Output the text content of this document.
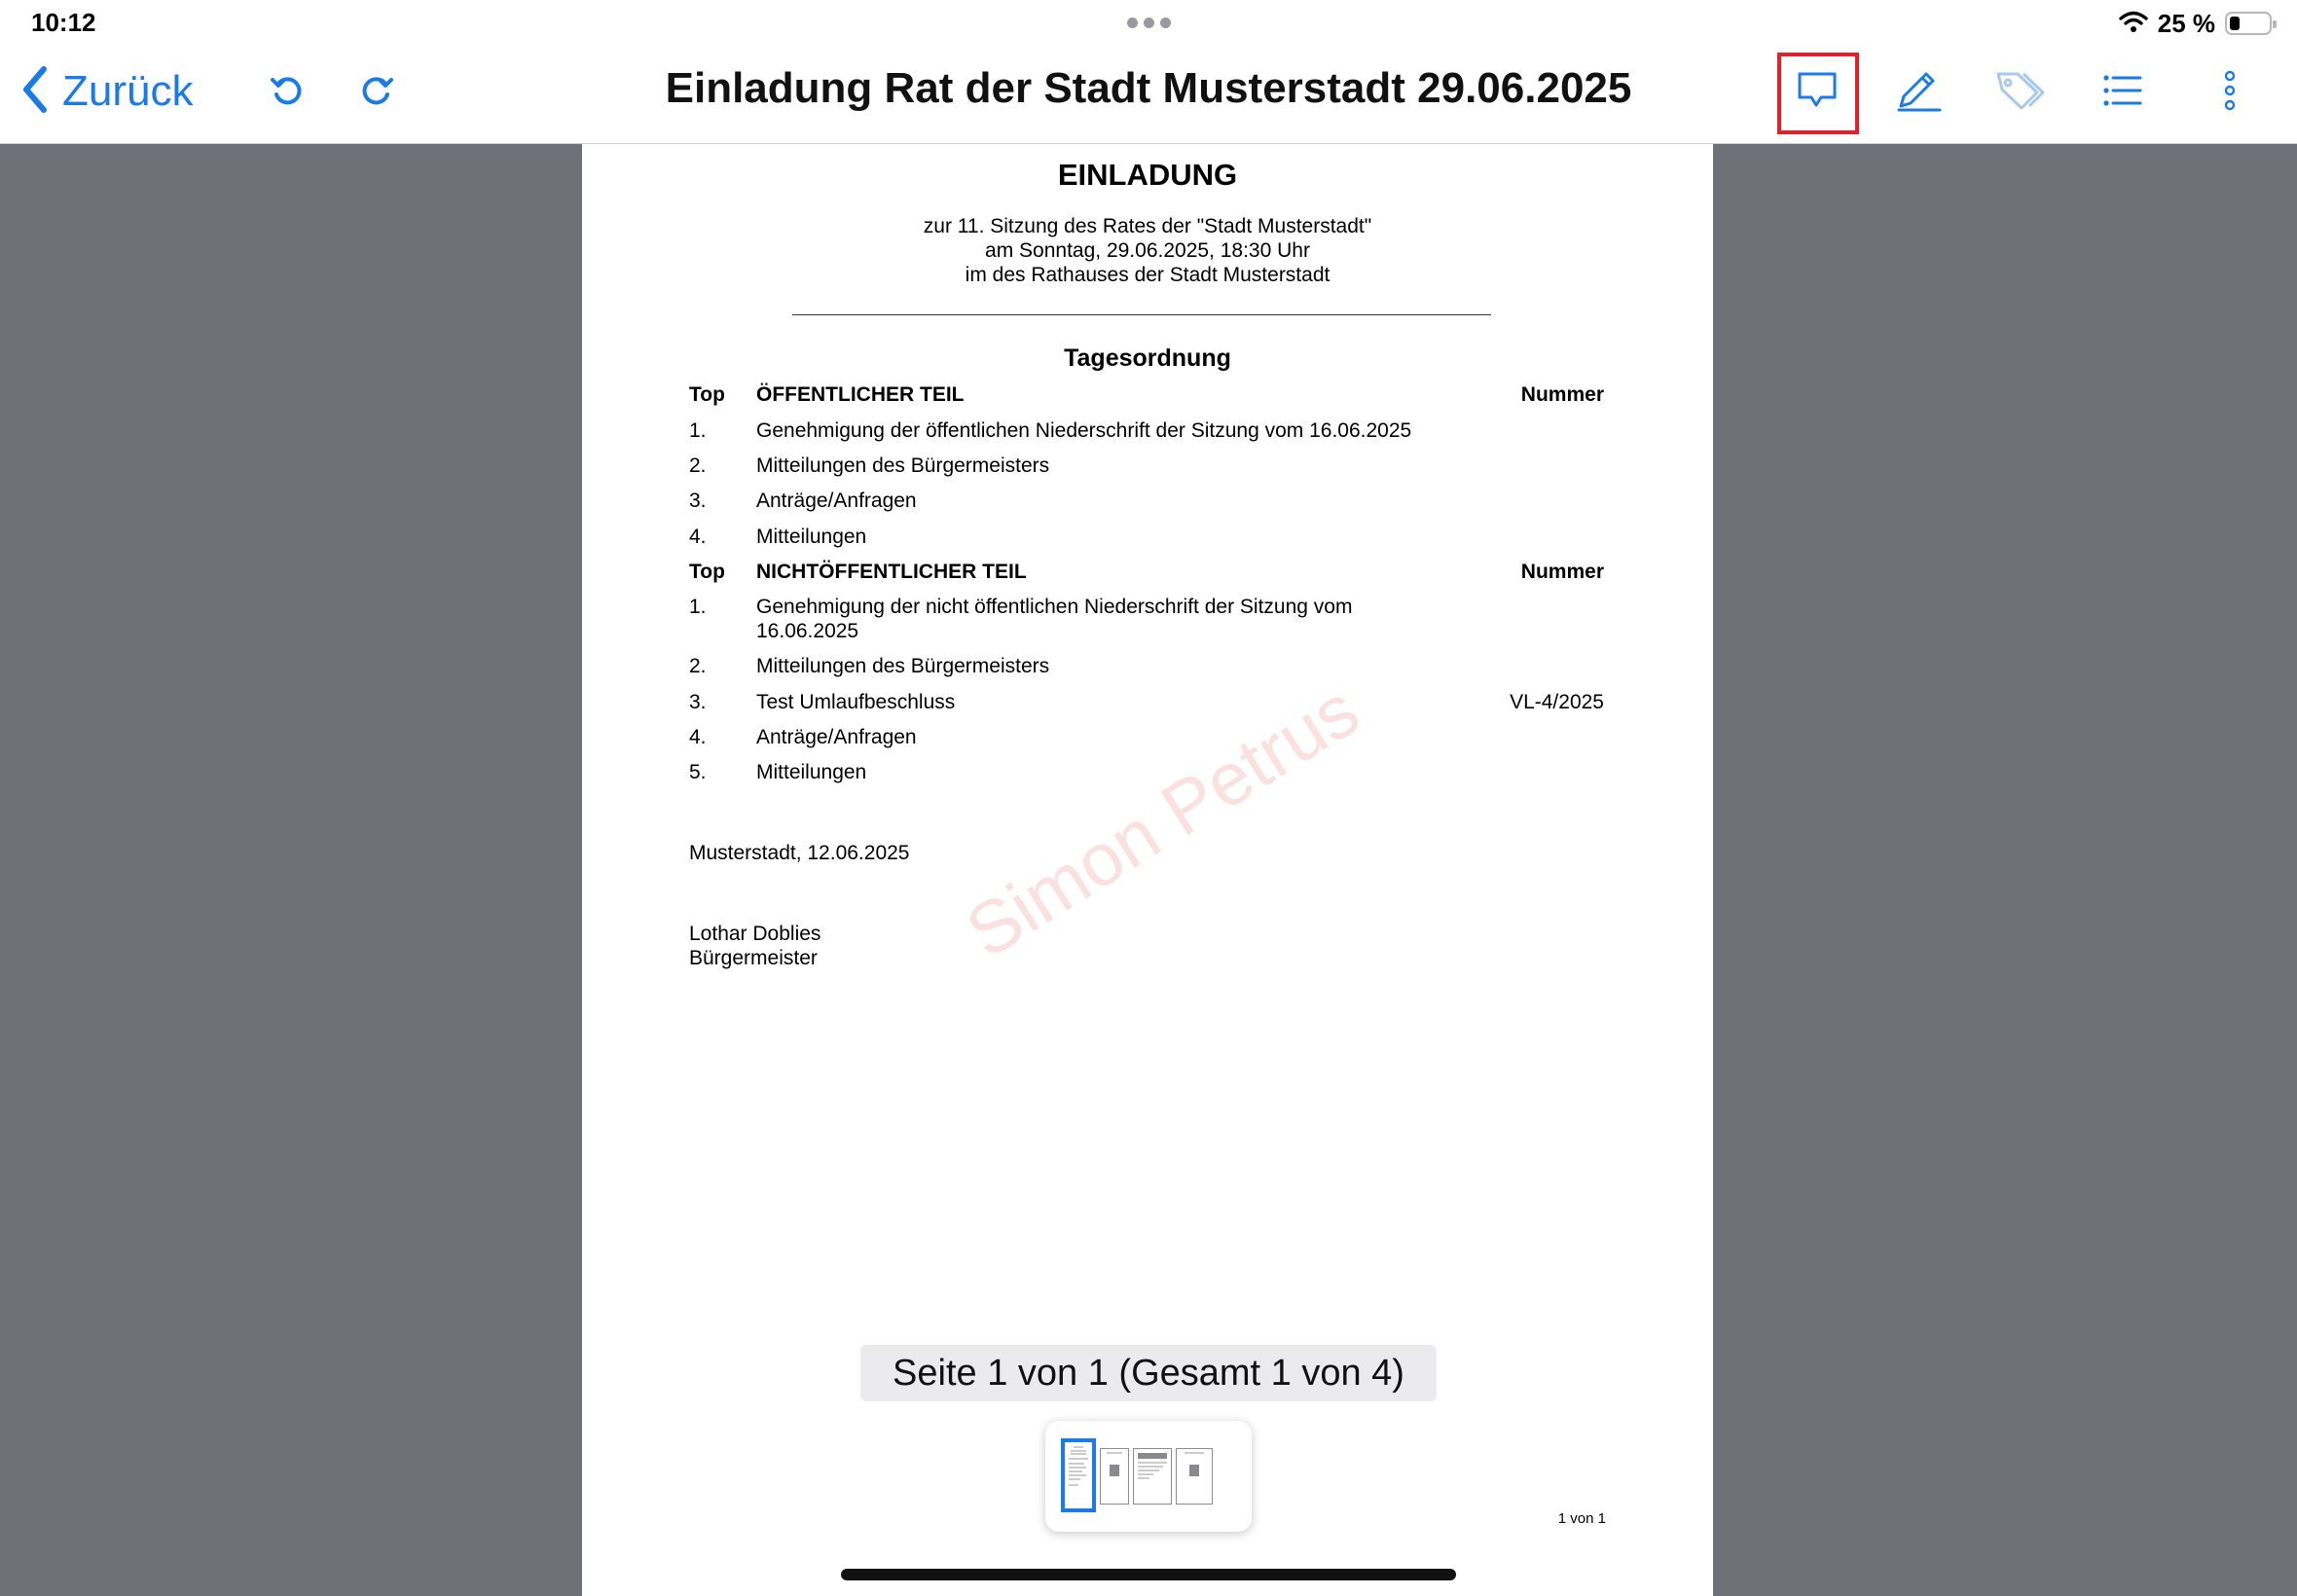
10:12	25 %
Zurück	Einladung Rat der Stadt Musterstadt 29.06.2025
EINLADUNG
zur 11. Sitzung des Rates der "Stadt Musterstadt"
am Sonntag, 29.06.2025, 18:30 Uhr
im des Rathauses der Stadt Musterstadt
Tagesordnung
Top ÖFFENTLICHER TEIL	Nummer
1. Genehmigung der öffentlichen Niederschrift der Sitzung vom 16.06.2025
2. Mitteilungen des Bürgermeisters
3. Anträge/Anfragen
4. Mitteilungen
Top NICHTÖFFENTLICHER TEIL	Nummer
1. Genehmigung der nicht öffentlichen Niederschrift der Sitzung vom
16.06.2025
2. Mitteilungen des Bürgermeisters
3. Test Umlaufbeschluss	VL-4/2025
4. Anträge/Anfragen
5. Mitteilungen
Musterstadt, 12.06.2025
Lothar Doblies
Bürgermeister Simon Petrus
1 von 1
Seite 1 von 1 (Gesamt 1 von 4)
